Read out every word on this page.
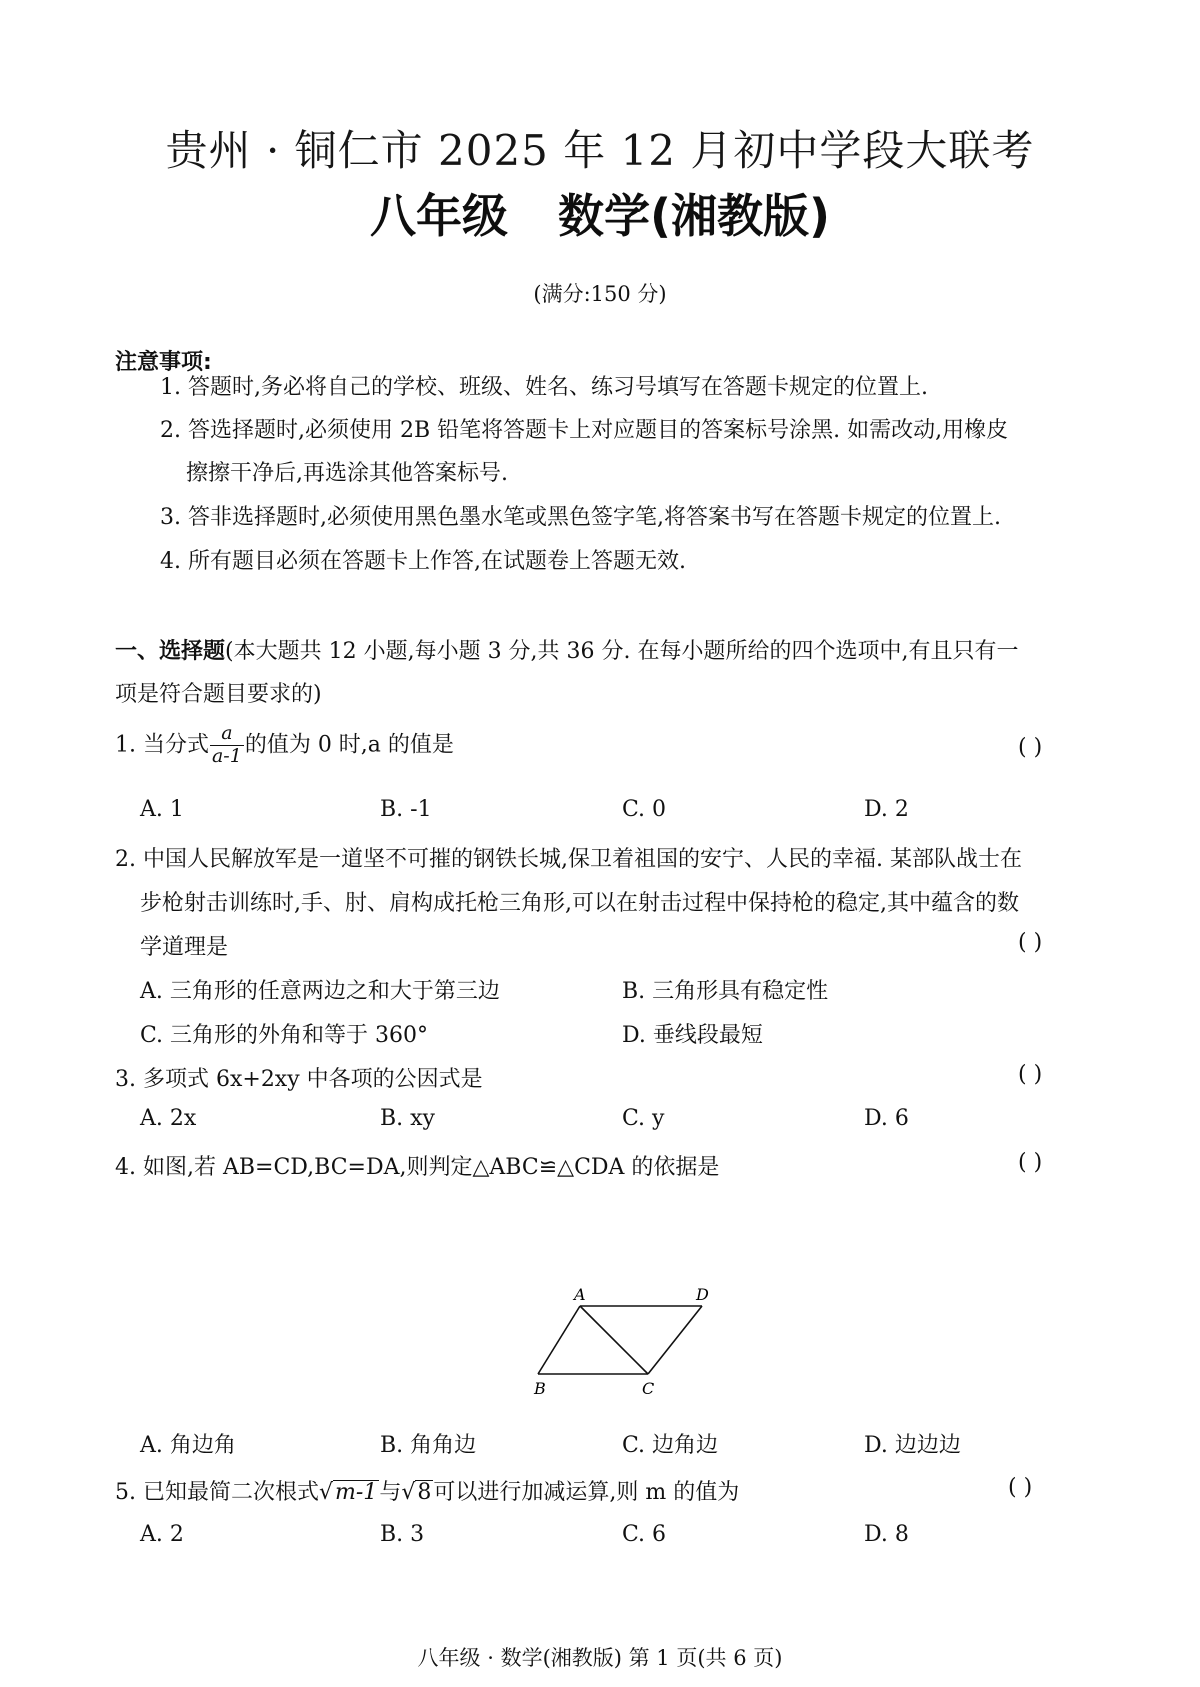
贵州 · 铜仁市 2025 年 12 月初中学段大联考
八年级 数学(湘教版)
(满分:150 分)
注意事项:
1. 答题时,务必将自己的学校、班级、姓名、练习号填写在答题卡规定的位置上.
2. 答选择题时,必须使用 2B 铅笔将答题卡上对应题目的答案标号涂黑. 如需改动,用橡皮
擦擦干净后,再选涂其他答案标号.
3. 答非选择题时,必须使用黑色墨水笔或黑色签字笔,将答案书写在答题卡规定的位置上.
4. 所有题目必须在答题卡上作答,在试题卷上答题无效.
一、选择题(本大题共 12 小题,每小题 3 分,共 36 分. 在每小题所给的四个选项中,有且只有一
项是符合题目要求的)
1. 当分式 $\frac{a}{a-1}$ 的值为 0 时,a 的值是	( )
A. 1	B. -1	C. 0	D. 2
2. 中国人民解放军是一道坚不可摧的钢铁长城,保卫着祖国的安宁、人民的幸福. 某部队战士在
步枪射击训练时,手、肘、肩构成托枪三角形,可以在射击过程中保持枪的稳定,其中蕴含的数
学道理是	( )
A. 三角形的任意两边之和大于第三边	B. 三角形具有稳定性
C. 三角形的外角和等于 360°	D. 垂线段最短
3. 多项式 6x+2xy 中各项的公因式是	( )
A. 2x	B. xy	C. y	D. 6
4. 如图,若 AB=CD,BC=DA,则判定△ABC≌△CDA 的依据是	( )
A	D
B	C
A. 角边角	B. 角角边	C. 边角边	D. 边边边
5. 已知最简二次根式√m-1与√8可以进行加减运算,则 m 的值为	( )
A. 2	B. 3	C. 6	D. 8
八年级 · 数学(湘教版) 第 1 页(共 6 页)
